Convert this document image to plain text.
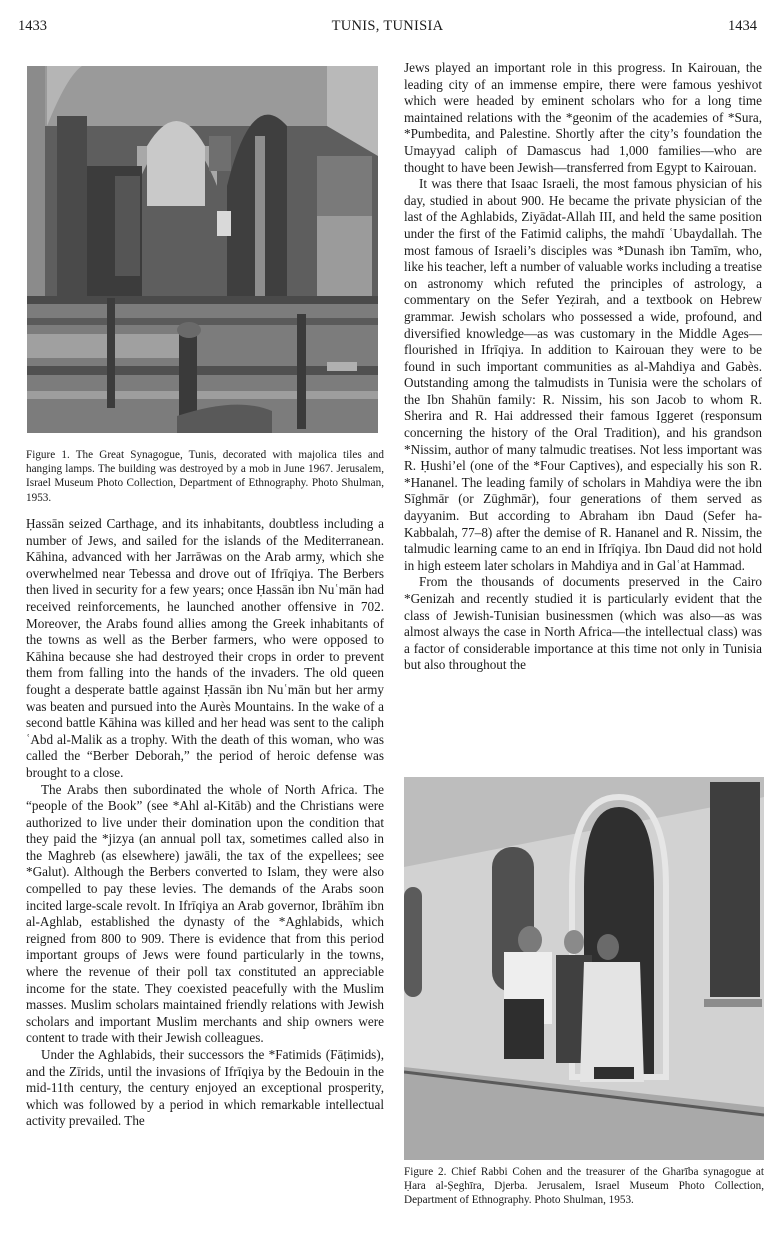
1433	TUNIS, TUNISIA	1434

Figure 1. The Great Synagogue, Tunis, decorated with majolica tiles and hanging lamps. The building was destroyed by a mob in June 1967. Jerusalem, Israel Museum Photo Collection, Department of Ethnography. Photo Shulman, 1953.

Ḥassān seized Carthage, and its inhabitants, doubtless including a number of Jews, and sailed for the islands of the Mediterranean. Kāhina, advanced with her Jarrāwas on the Arab army, which she overwhelmed near Tebessa and drove out of Ifrīqiya. The Berbers then lived in security for a few years; once Ḥassān ibn Nuʿmān had received reinforcements, he launched another offensive in 702. Moreover, the Arabs found allies among the Greek inhabitants of the towns as well as the Berber farmers, who were opposed to Kāhina because she had destroyed their crops in order to prevent them from falling into the hands of the invaders. The old queen fought a desperate battle against Ḥassān ibn Nuʿmān but her army was beaten and pursued into the Aurès Mountains. In the wake of a second battle Kāhina was killed and her head was sent to the caliph ʿAbd al-Malik as a trophy. With the death of this woman, who was called the “Berber Deborah,” the period of heroic defense was brought to a close.

The Arabs then subordinated the whole of North Africa. The “people of the Book” (see *Ahl al-Kitāb) and the Christians were authorized to live under their domination upon the condition that they paid the *jizya (an annual poll tax, sometimes called also in the Maghreb (as elsewhere) jawāli, the tax of the expellees; see *Galut). Although the Berbers converted to Islam, they were also compelled to pay these levies. The demands of the Arabs soon incited large-scale revolt. In Ifrīqiya an Arab governor, Ibrāhīm ibn al-Aghlab, established the dynasty of the *Aghlabids, which reigned from 800 to 909. There is evidence that from this period important groups of Jews were found particularly in the towns, where the revenue of their poll tax constituted an appreciable income for the state. They coexisted peacefully with the Muslim masses. Muslim scholars maintained friendly relations with Jewish scholars and important Muslim merchants and ship owners were content to trade with their Jewish colleagues.

Under the Aghlabids, their successors the *Fatimids (Fāṭimids), and the Zīrids, until the invasions of Ifrīqiya by the Bedouin in the mid-11th century, the century enjoyed an exceptional prosperity, which was followed by a period in which remarkable intellectual activity prevailed. The

Jews played an important role in this progress. In Kairouan, the leading city of an immense empire, there were famous yeshivot which were headed by eminent scholars who for a long time maintained relations with the *geonim of the academies of *Sura, *Pumbedita, and Palestine. Shortly after the city’s foundation the Umayyad caliph of Damascus had 1,000 families—who are thought to have been Jewish—transferred from Egypt to Kairouan.

It was there that Isaac Israeli, the most famous physician of his day, studied in about 900. He became the private physician of the last of the Aghlabids, Ziyādat-Allah III, and held the same position under the first of the Fatimid caliphs, the mahdī ʿUbaydallah. The most famous of Israeli’s disciples was *Dunash ibn Tamīm, who, like his teacher, left a number of valuable works including a treatise on astronomy which refuted the principles of astrology, a commentary on the Sefer Yeẓirah, and a textbook on Hebrew grammar. Jewish scholars who possessed a wide, profound, and diversified knowledge—as was customary in the Middle Ages—flourished in Ifrīqiya. In addition to Kairouan they were to be found in such important communities as al-Mahdiya and Gabès. Outstanding among the talmudists in Tunisia were the scholars of the Ibn Shahūn family: R. Nissim, his son Jacob to whom R. Sherira and R. Hai addressed their famous Iggeret (responsum concerning the history of the Oral Tradition), and his grandson *Nissim, author of many talmudic treatises. Not less important was R. Ḥushi’el (one of the *Four Captives), and especially his son R. *Hananel. The leading family of scholars in Mahdiya were the ibn Sīghmār (or Zūghmār), four generations of them served as dayyanim. But according to Abraham ibn Daud (Sefer ha-Kabbalah, 77–8) after the demise of R. Hananel and R. Nissim, the talmudic learning came to an end in Ifrīqiya. Ibn Daud did not hold in high esteem later scholars in Mahdiya and in Galʿat Hammad.

From the thousands of documents preserved in the Cairo *Genizah and recently studied it is particularly evident that the class of Jewish-Tunisian businessmen (which was also—as was almost always the case in North Africa—the intellectual class) was a factor of considerable importance at this time not only in Tunisia but also throughout the

Figure 2. Chief Rabbi Cohen and the treasurer of the Gharība synagogue at Ḥara al-Ṣeghīra, Djerba. Jerusalem, Israel Museum Photo Collection, Department of Ethnography. Photo Shulman, 1953.
